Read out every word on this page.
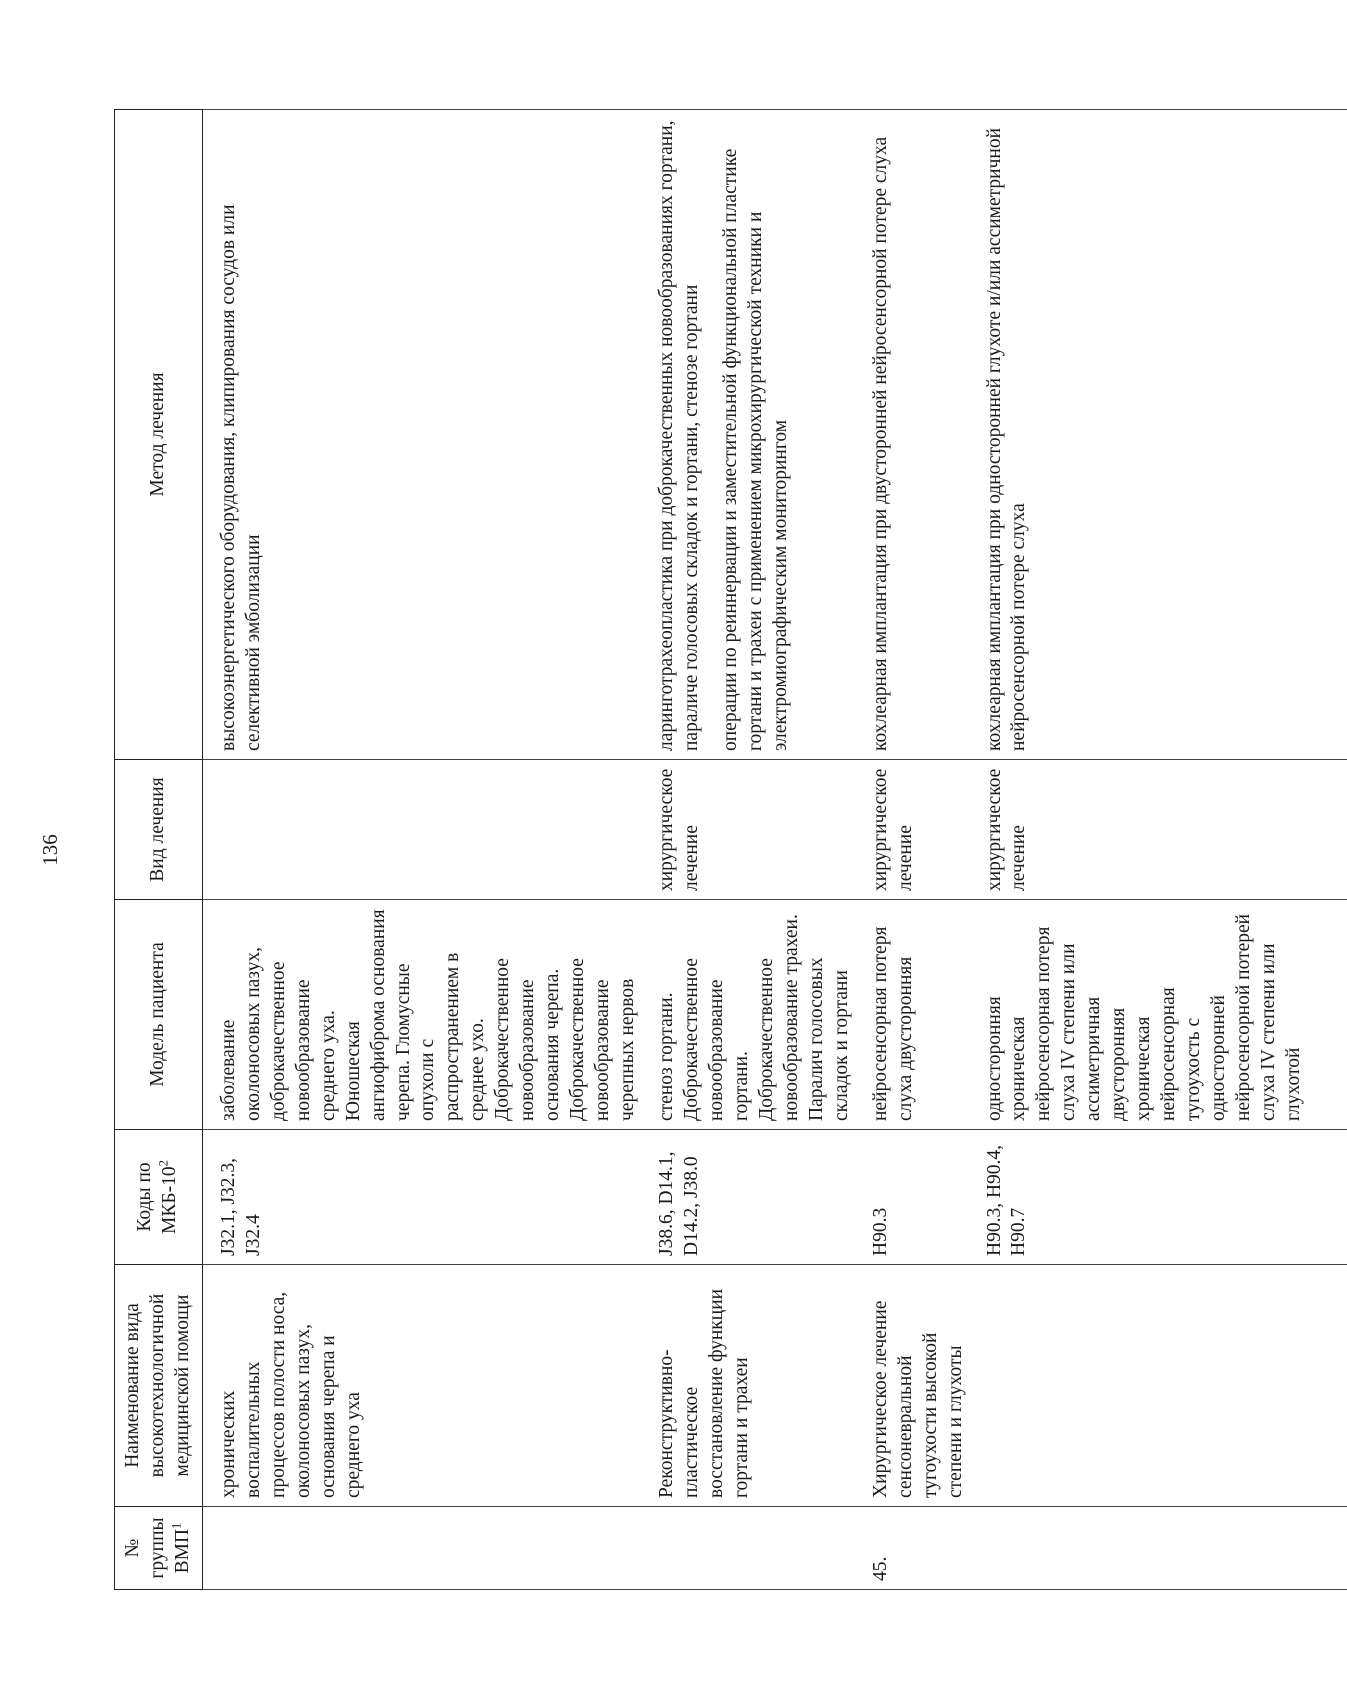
136
№ группы ВМП$^1$	Наименование вида высокотехнологичной медицинской помощи	Коды по МКБ-$10^2$	Модель пациента	Вид лечения	Метод лечения
	хронических воспалительных процессов полости носа, околоносовых пазух, основания черепа и среднего уха	J32.1, J32.3, J32.4	заболевание околоносовых пазух, доброкачественное новообразование среднего уха. Юношеская ангиофиброма основания черепа. Гломусные опухоли с распространением в среднее ухо. Доброкачественное новообразование основания черепа. Доброкачественное новообразование черепных нервов		высокоэнергетического оборудования, клипирования сосудов или селективной эмболизации

	Реконструктивно-пластическое восстановление функции гортани и трахеи	J38.6, D14.1, D14.2, J38.0	стеноз гортани. Доброкачественное новообразование гортани. Доброкачественное новообразование трахеи. Паралич голосовых складок и гортани	хирургическое лечение	ларинготрахеопластика при доброкачественных новообразованиях гортани, параличе голосовых складок и гортани, стенозе гортани операции по реиннервации и заместительной функциональной пластике гортани и трахеи с применением микрохирургической техники и электромиографическим мониторингом

45.	Хирургическое лечение сенсоневральной тугоухости высокой степени и глухоты	H90.3	нейросенсорная потеря слуха двусторонняя	хирургическое лечение	кохлеарная имплантация при двусторонней нейросенсорной потере слуха

		H90.3, H90.4, H90.7	односторонняя хроническая нейросенсорная потеря слуха IV степени или ассиметричная двусторонняя хроническая нейросенсорная тугоухость с односторонней нейросенсорной потерей слуха IV степени или глухотой	хирургическое лечение	кохлеарная имплантация при односторонней глухоте и/или ассиметричной нейросенсорной потере слуха
